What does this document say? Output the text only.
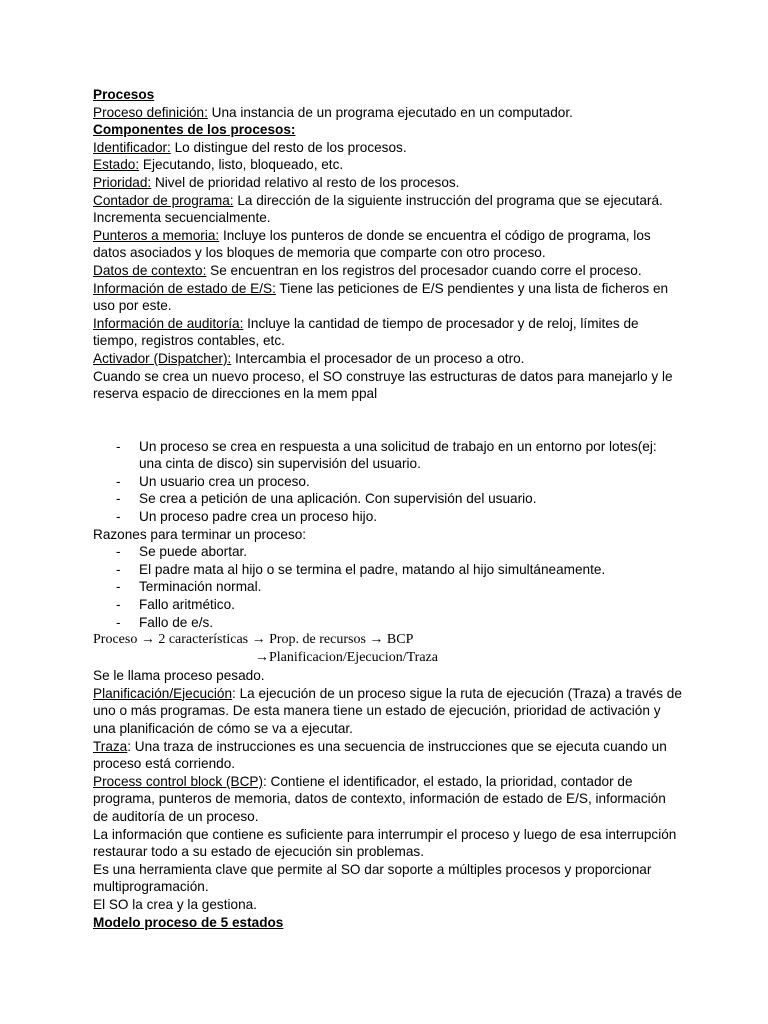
Procesos

Proceso definición: Una instancia de un programa ejecutado en un computador.

Componentes de los procesos:

Identificador: Lo distingue del resto de los procesos.

Estado: Ejecutando, listo, bloqueado, etc.

Prioridad: Nivel de prioridad relativo al resto de los procesos.

Contador de programa: La dirección de la siguiente instrucción del programa que se ejecutará. Incrementa secuencialmente.

Punteros a memoria: Incluye los punteros de donde se encuentra el código de programa, los datos asociados y los bloques de memoria que comparte con otro proceso.

Datos de contexto: Se encuentran en los registros del procesador cuando corre el proceso.

Información de estado de E/S: Tiene las peticiones de E/S pendientes y una lista de ficheros en uso por este.

Información de auditoría: Incluye la cantidad de tiempo de procesador y de reloj, límites de tiempo, registros contables, etc.

Activador (Dispatcher): Intercambia el procesador de un proceso a otro.

Cuando se crea un nuevo proceso, el SO construye las estructuras de datos para manejarlo y le reserva espacio de direcciones en la mem ppal

- Un proceso se crea en respuesta a una solicitud de trabajo en un entorno por lotes(ej: una cinta de disco) sin supervisión del usuario.
- Un usuario crea un proceso.
- Se crea a petición de una aplicación. Con supervisión del usuario.
- Un proceso padre crea un proceso hijo.

Razones para terminar un proceso:

- Se puede abortar.
- El padre mata al hijo o se termina el padre, matando al hijo simultáneamente.
- Terminación normal.
- Fallo aritmético.
- Fallo de e/s.

Proceso → 2 características → Prop. de recursos → BCP

→Planificacion/Ejecucion/Traza

Se le llama proceso pesado.

Planificación/Ejecución: La ejecución de un proceso sigue la ruta de ejecución (Traza) a través de uno o más programas. De esta manera tiene un estado de ejecución, prioridad de activación y una planificación de cómo se va a ejecutar.

Traza: Una traza de instrucciones es una secuencia de instrucciones que se ejecuta cuando un proceso está corriendo.

Process control block (BCP): Contiene el identificador, el estado, la prioridad, contador de programa, punteros de memoria, datos de contexto, información de estado de E/S, información de auditoría de un proceso.

La información que contiene es suficiente para interrumpir el proceso y luego de esa interrupción restaurar todo a su estado de ejecución sin problemas.

Es una herramienta clave que permite al SO dar soporte a múltiples procesos y proporcionar multiprogramación.

El SO la crea y la gestiona.

Modelo proceso de 5 estados
